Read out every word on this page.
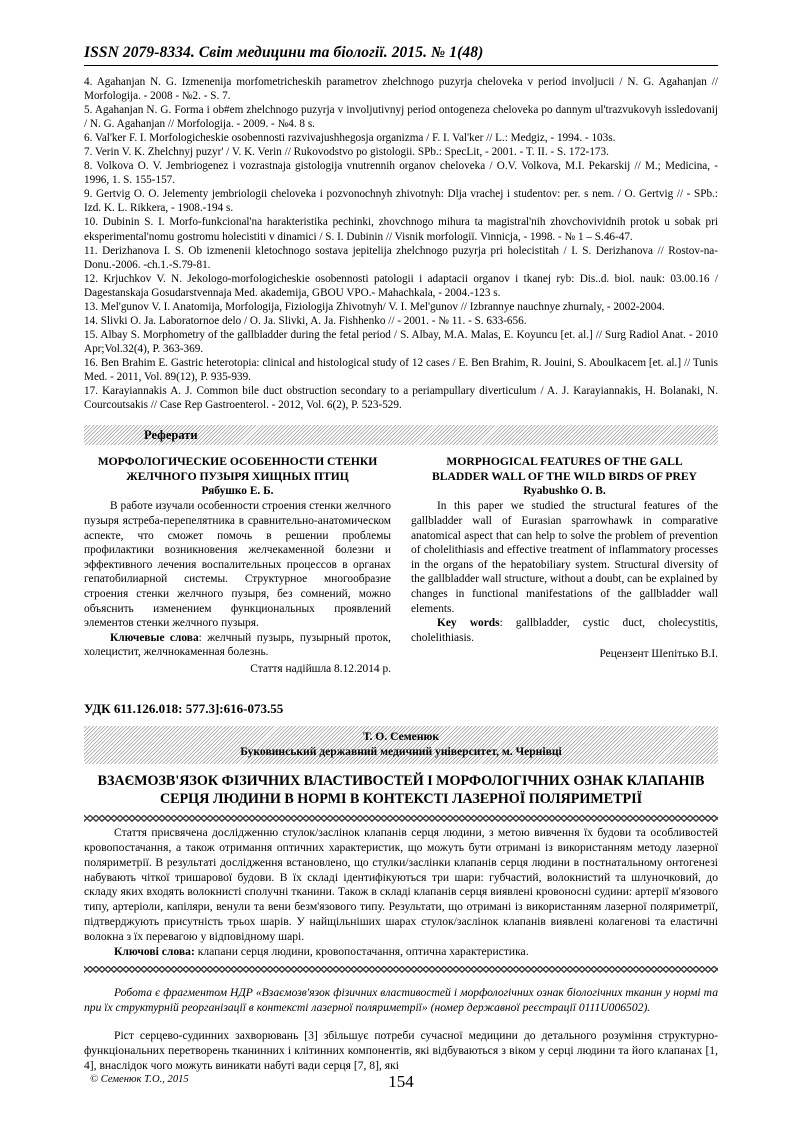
ISSN 2079-8334. Світ медицини та біології. 2015. № 1(48)

4. Agahanjan N. G. Izmenenija morfometricheskih parametrov zhelchnogo puzyrja cheloveka v period involjucii / N. G. Agahanjan // Morfologija. - 2008 - №2. - S. 7.

5. Agahanjan N. G. Forma i ob#em zhelchnogo puzyrja v involjutivnyj period ontogeneza cheloveka po dannym ul'trazvukovyh issledovanij / N. G. Agahanjan // Morfologija. - 2009. - №4. 8 s.

6. Val'ker F. I. Morfologicheskie osobennosti razvivajushhegosja organizma / F. I. Val'ker // L.: Medgiz, - 1994. - 103s.

7. Verin V. K. Zhelchnyj puzyr' / V. K. Verin // Rukovodstvo po gistologii. SPb.: SpecLit, - 2001. - T. II. - S. 172-173.

8. Volkova O. V. Jembriogenez i vozrastnaja gistologija vnutrennih organov cheloveka / O.V. Volkova, M.I. Pekarskij // M.; Medicina, - 1996, 1. S. 155-157.

9. Gertvig O. O. Jelementy jembriologii cheloveka i pozvonochnyh zhivotnyh: Dlja vrachej i studentov: per. s nem. / O. Gertvig // - SPb.: Izd. K. L. Rikkera, - 1908.-194 s.

10. Dubinin S. I. Morfo-funkcional'na harakteristika pechinki, zhovchnogo mihura ta magistral'nih zhovchovividnih protok u sobak pri eksperimental'nomu gostromu holecistiti v dinamici / S. I. Dubinin // Visnik morfologiї. Vinnicja, - 1998. - № 1 – S.46-47.

11. Derizhanova I. S. Ob izmenenii kletochnogo sostava jepitelija zhelchnogo puzyrja pri holecistitah / I. S. Derizhanova // Rostov-na-Donu.-2006. -ch.1.-S.79-81.

12. Krjuchkov V. N. Jekologo-morfologicheskie osobennosti patologii i adaptacii organov i tkanej ryb: Dis..d. biol. nauk: 03.00.16 / Dagestanskaja Gosudarstvennaja Med. akademija, GBOU VPO.- Mahachkala, - 2004.-123 s.

13. Mel'gunov V. I. Anatomija, Morfologija, Fiziologija Zhivotnyh/ V. I. Mel'gunov // Izbrannye nauchnye zhurnaly, - 2002-2004.

14. Slivki O. Ja. Laboratornoe delo / O. Ja. Slivki, A. Ja. Fishhenko // - 2001. - № 11. - S. 633-656.

15. Albay S. Morphometry of the gallbladder during the fetal period / S. Albay, M.A. Malas, E. Koyuncu [et. al.] // Surg Radiol Anat. - 2010 Apr;Vol.32(4), P. 363-369.

16. Ben Brahim E. Gastric heterotopia: clinical and histological study of 12 cases / E. Ben Brahim, R. Jouini, S. Aboulkacem [et. al.] // Tunis Med. - 2011, Vol. 89(12), P. 935-939.

17. Karayiannakis A. J. Common bile duct obstruction secondary to a periampullary diverticulum / A. J. Karayiannakis, H. Bolanaki, N. Courcoutsakis // Case Rep Gastroenterol. - 2012, Vol. 6(2), P. 523-529.

Реферати

МОРФОЛОГИЧЕСКИЕ ОСОБЕННОСТИ СТЕНКИ

ЖЕЛЧНОГО ПУЗЫРЯ ХИЩНЫХ ПТИЦ

Рябушко Е. Б.

В работе изучали особенности строения стенки желчного пузыря ястреба-перепелятника в сравнительно-анатомическом аспекте, что сможет помочь в решении проблемы профилактики возникновения желчекаменной болезни и эффективного лечения воспалительных процессов в органах гепатобилиарной системы. Структурное многообразие строения стенки желчного пузыря, без сомнений, можно объяснить изменением функциональных проявлений элементов стенки желчного пузыря.

Ключевые слова: желчный пузырь, пузырный проток, холецистит, желчнокаменная болезнь.

Стаття надійшла 8.12.2014 р.

MORPHOGICAL FEATURES OF THE GALL

BLADDER WALL OF THE WILD BIRDS OF PREY

Ryabushko O. В.

In this paper we studied the structural features of the gallbladder wall of Eurasian sparrowhawk in comparative anatomical aspect that can help to solve the problem of prevention of cholelithiasis and effective treatment of inflammatory processes in the organs of the hepatobiliary system. Structural diversity of the gallbladder wall structure, without a doubt, can be explained by changes in functional manifestations of the gallbladder wall elements.

Key words: gallbladder, cystic duct, cholecystitis, cholelithiasis.

Рецензент Шепітько В.І.

УДК 611.126.018: 577.3]:616-073.55
Т. О. Семенюк
Буковинський державний медичний університет, м. Чернівці
ВЗАЄМОЗВ'ЯЗОК ФІЗИЧНИХ ВЛАСТИВОСТЕЙ І МОРФОЛОГІЧНИХ ОЗНАК КЛАПАНІВ
СЕРЦЯ ЛЮДИНИ В НОРМІ В КОНТЕКСТІ ЛАЗЕРНОЇ ПОЛЯРИМЕТРІЇ

Стаття присвячена дослідженню стулок/заслінок клапанів серця людини, з метою вивчення їх будови та особливостей кровопостачання, а також отримання оптичних характеристик, що можуть бути отримані із використанням методу лазерної поляриметрії. В результаті дослідження встановлено, що стулки/заслінки клапанів серця людини в постнатальному онтогенезі набувають чіткої тришарової будови. В їх складі ідентифікуються три шари: губчастий, волокнистий та шлуночковий, до складу яких входять волокнисті сполучні тканини. Також в складі клапанів серця виявлені кровоносні судини: артерії м'язового типу, артеріоли, капіляри, венули та вени безм'язового типу. Результати, що отримані із використанням лазерної поляриметрії, підтверджують присутність трьох шарів. У найщільніших шарах стулок/заслінок клапанів виявлені колагенові та еластичні волокна з їх перевагою у відповідному шарі.

Ключові слова: клапани серця людини, кровопостачання, оптична характеристика.

Робота є фрагментом НДР «Взаємозв'язок фізичних властивостей і морфологічних ознак біологічних тканин у нормі та при їх структурній реорганізації в контексті лазерної поляриметрії» (номер державної реєстрації 0111U006502).

Ріст серцево-судинних захворювань [3] збільшує потреби сучасної медицини до детального розуміння структурно-функціональних перетворень тканинних і клітинних компонентів, які відбуваються з віком у серці людини та його клапанах [1, 4], внаслідок чого можуть виникати набуті вади серця [7, 8], які

© Семенюк Т.О., 2015	154
